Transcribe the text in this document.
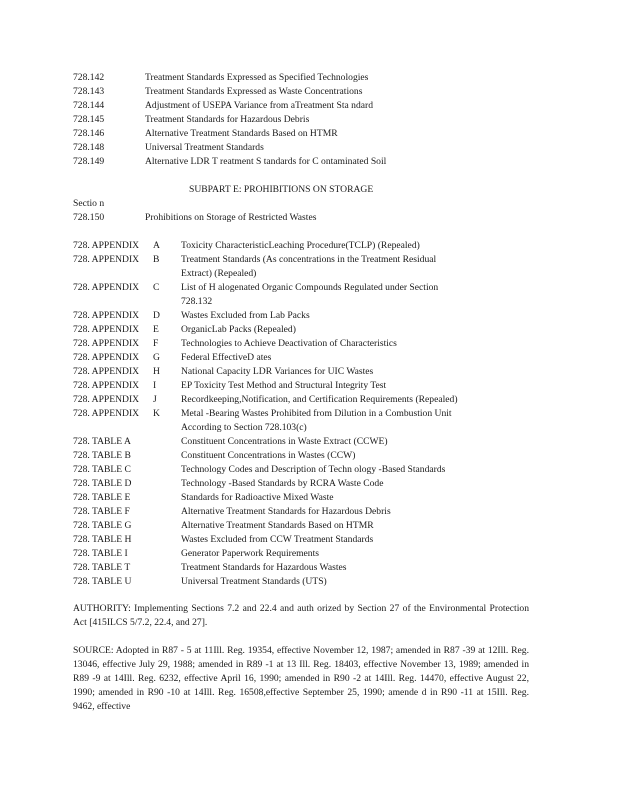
728.142	Treatment Standards Expressed as Specified Technologies
728.143	Treatment Standards Expressed as Waste Concentrations
728.144	Adjustment of USEPA Variance from aTreatment Sta ndard
728.145	Treatment Standards for Hazardous Debris
728.146	Alternative Treatment Standards Based on HTMR
728.148	Universal Treatment Standards
728.149	Alternative LDR T reatment S tandards for C ontaminated Soil
SUBPART E: PROHIBITIONS ON STORAGE
Sectio n
728.150	Prohibitions on Storage of Restricted Wastes
728. APPENDIX A Toxicity CharacteristicLeaching Procedure(TCLP) (Repealed)
728. APPENDIX B Treatment Standards (As concentrations in the Treatment Residual
Extract) (Repealed)
728. APPENDIX C List of H alogenated Organic Compounds Regulated under Section
728.132
728. APPENDIX D Wastes Excluded from Lab Packs
728. APPENDIX E OrganicLab Packs (Repealed)
728. APPENDIX F Technologies to Achieve Deactivation of Characteristics
728. APPENDIX G Federal EffectiveD ates
728. APPENDIX H National Capacity LDR Variances for UIC Wastes
728. APPENDIX I	EP Toxicity Test Method and Structural Integrity Test
728. APPENDIX J	Recordkeeping,Notification, and Certification Requirements (Repealed)
728. APPENDIX K Metal -Bearing Wastes Prohibited from Dilution in a Combustion Unit
According to Section 728.103(c)
728. TABLE A	Constituent Concentrations in Waste Extract (CCWE)
728. TABLE B	Constituent Concentrations in Wastes (CCW)
728. TABLE C	Technology Codes and Description of Techn ology -Based Standards
728. TABLE D	Technology -Based Standards by RCRA Waste Code
728. TABLE E	Standards for Radioactive Mixed Waste
728. TABLE F	Alternative Treatment Standards for Hazardous Debris
728. TABLE G	Alternative Treatment Standards Based on HTMR
728. TABLE H	Wastes Excluded from CCW Treatment Standards
728. TABLE I	Generator Paperwork Requirements
728. TABLE T	Treatment Standards for Hazardous Wastes
728. TABLE U	Universal Treatment Standards (UTS)
AUTHORITY: Implementing Sections 7.2 and 22.4 and auth orized by Section 27 of the Environmental Protection Act [415ILCS 5/7.2, 22.4, and 27].
SOURCE: Adopted in R87 - 5 at 11Ill. Reg. 19354, effective November 12, 1987; amended in R87 -39 at 12Ill. Reg. 13046, effective July 29, 1988; amended in R89 -1 at 13 Ill. Reg. 18403, effective November 13, 1989; amended in R89 -9 at 14Ill. Reg. 6232, effective April 16, 1990; amended in R90 -2 at 14Ill. Reg. 14470, effective August 22, 1990; amended in R90 -10 at 14Ill. Reg. 16508,effective September 25, 1990; amende d in R90 -11 at 15Ill. Reg. 9462, effective
